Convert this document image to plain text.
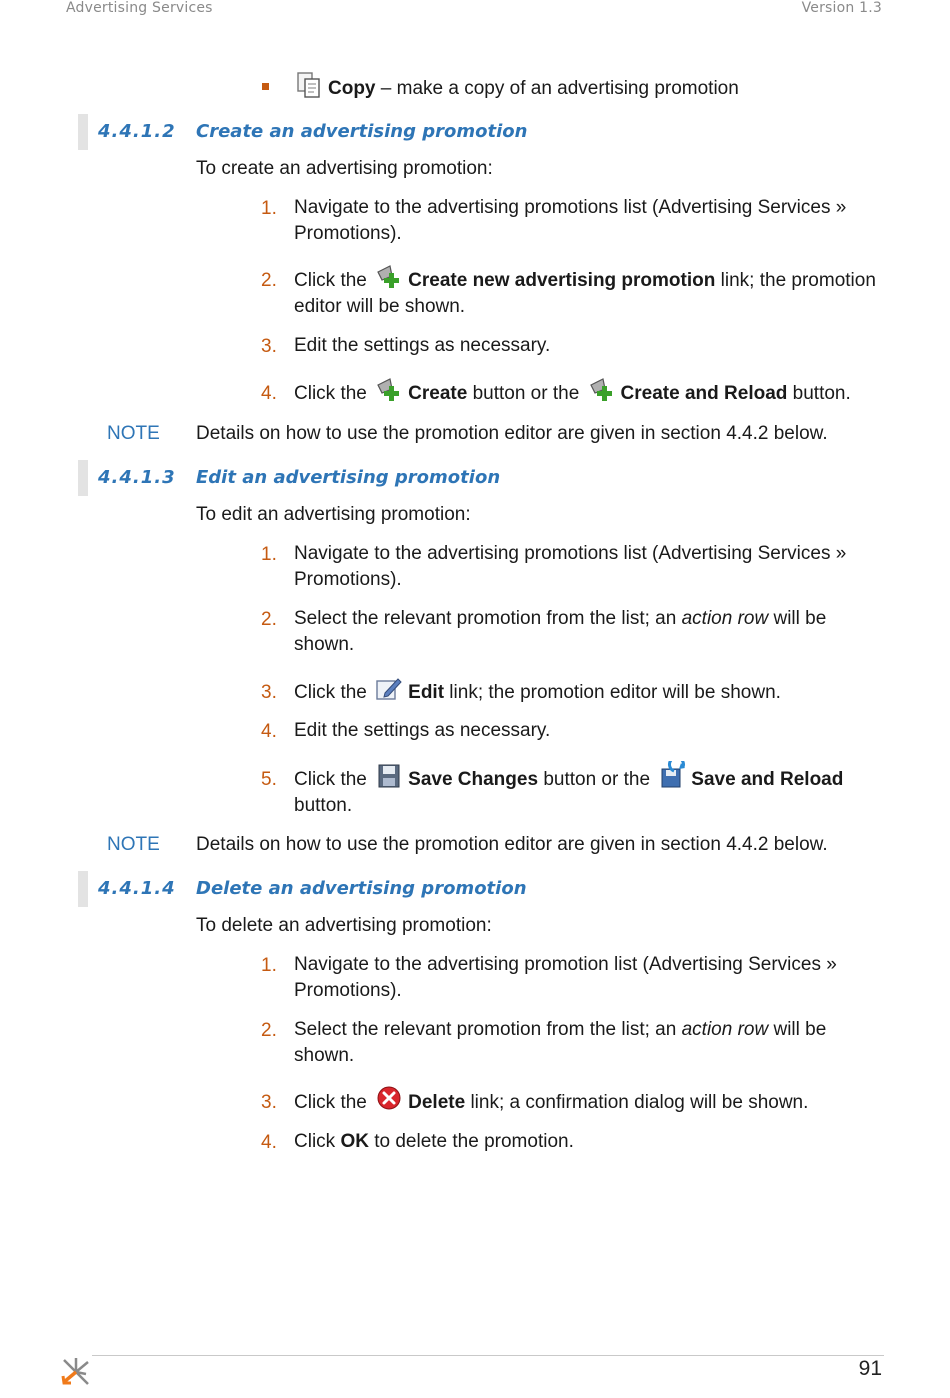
Advertising Services	Version 1.3
Copy – make a copy of an advertising promotion
4.4.1.2 Create an advertising promotion
To create an advertising promotion:
1. Navigate to the advertising promotions list (Advertising Services » Promotions).
2. Click the Create new advertising promotion link; the promotion editor will be shown.
3. Edit the settings as necessary.
4. Click the Create button or the Create and Reload button.
NOTE Details on how to use the promotion editor are given in section 4.4.2 below.
4.4.1.3 Edit an advertising promotion
To edit an advertising promotion:
1. Navigate to the advertising promotions list (Advertising Services » Promotions).
2. Select the relevant promotion from the list; an action row will be shown.
3. Click the Edit link; the promotion editor will be shown.
4. Edit the settings as necessary.
5. Click the Save Changes button or the Save and Reload
button.
NOTE Details on how to use the promotion editor are given in section 4.4.2 below.
4.4.1.4 Delete an advertising promotion
To delete an advertising promotion:
1. Navigate to the advertising promotion list (Advertising Services » Promotions).
2. Select the relevant promotion from the list; an action row will be shown.
3. Click the Delete link; a confirmation dialog will be shown.
4. Click OK to delete the promotion.
91
